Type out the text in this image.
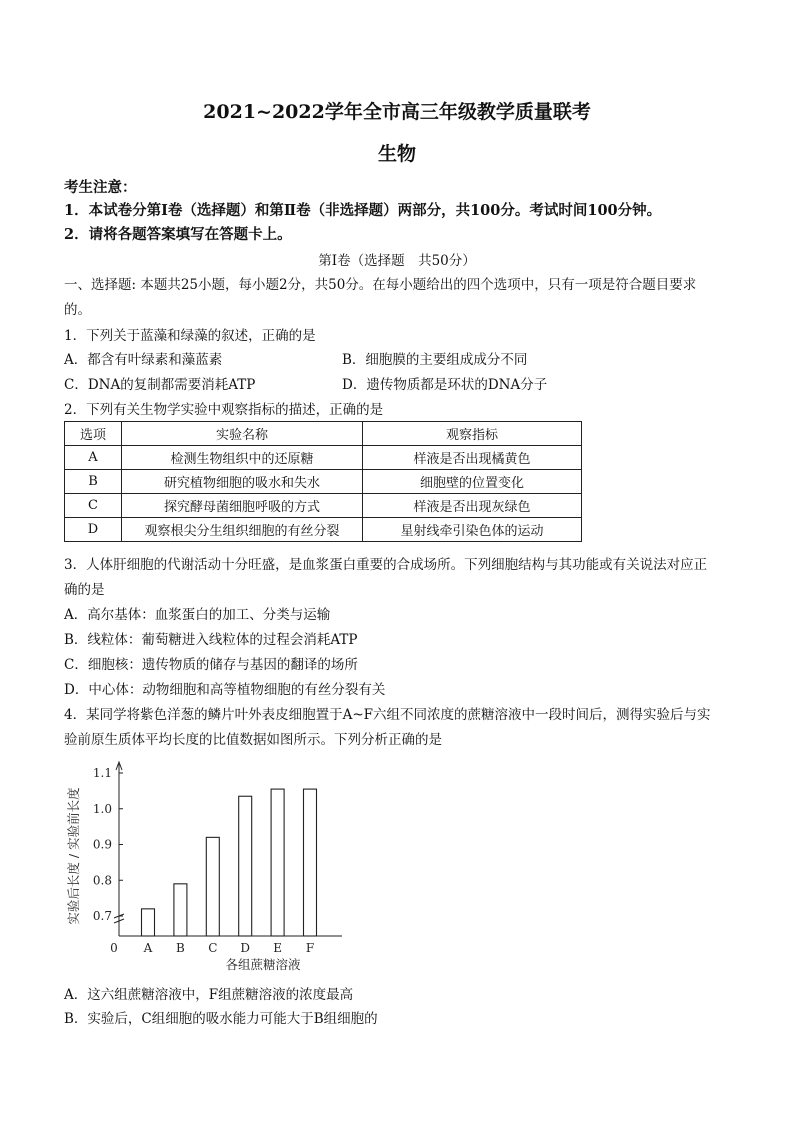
2021~2022学年全市高三年级教学质量联考
生物
考生注意：
1．本试卷分第Ⅰ卷（选择题）和第Ⅱ卷（非选择题）两部分，共100分。考试时间100分钟。
2．请将各题答案填写在答题卡上。
第Ⅰ卷（选择题　共50分）
一、选择题: 本题共25小题，每小题2分，共50分。在每小题给出的四个选项中，只有一项是符合题目要求
的。
1．下列关于蓝藻和绿藻的叙述，正确的是
A．都含有叶绿素和藻蓝素	B．细胞膜的主要组成成分不同
C．DNA的复制都需要消耗ATP	D．遗传物质都是环状的DNA分子
2．下列有关生物学实验中观察指标的描述，正确的是
选项	实验名称	观察指标
A	检测生物组织中的还原糖	样液是否出现橘黄色
B	研究植物细胞的吸水和失水	细胞壁的位置变化
C	探究酵母菌细胞呼吸的方式	样液是否出现灰绿色
D	观察根尖分生组织细胞的有丝分裂	星射线牵引染色体的运动
3．人体肝细胞的代谢活动十分旺盛，是血浆蛋白重要的合成场所。下列细胞结构与其功能或有关说法对应正
确的是
A．高尔基体：血浆蛋白的加工、分类与运输
B．线粒体：葡萄糖进入线粒体的过程会消耗ATP
C．细胞核：遗传物质的储存与基因的翻译的场所
D．中心体：动物细胞和高等植物细胞的有丝分裂有关
4．某同学将紫色洋葱的鳞片叶外表皮细胞置于A~F六组不同浓度的蔗糖溶液中一段时间后，测得实验后与实
验前原生质体平均长度的比值数据如图所示。下列分析正确的是
0.7
0.8
0.9
1.0
1.1
0 A B C D E F
各组蔗糖溶液
实验后长度 / 实验前长度
A．这六组蔗糖溶液中，F组蔗糖溶液的浓度最高
B．实验后，C组细胞的吸水能力可能大于B组细胞的
